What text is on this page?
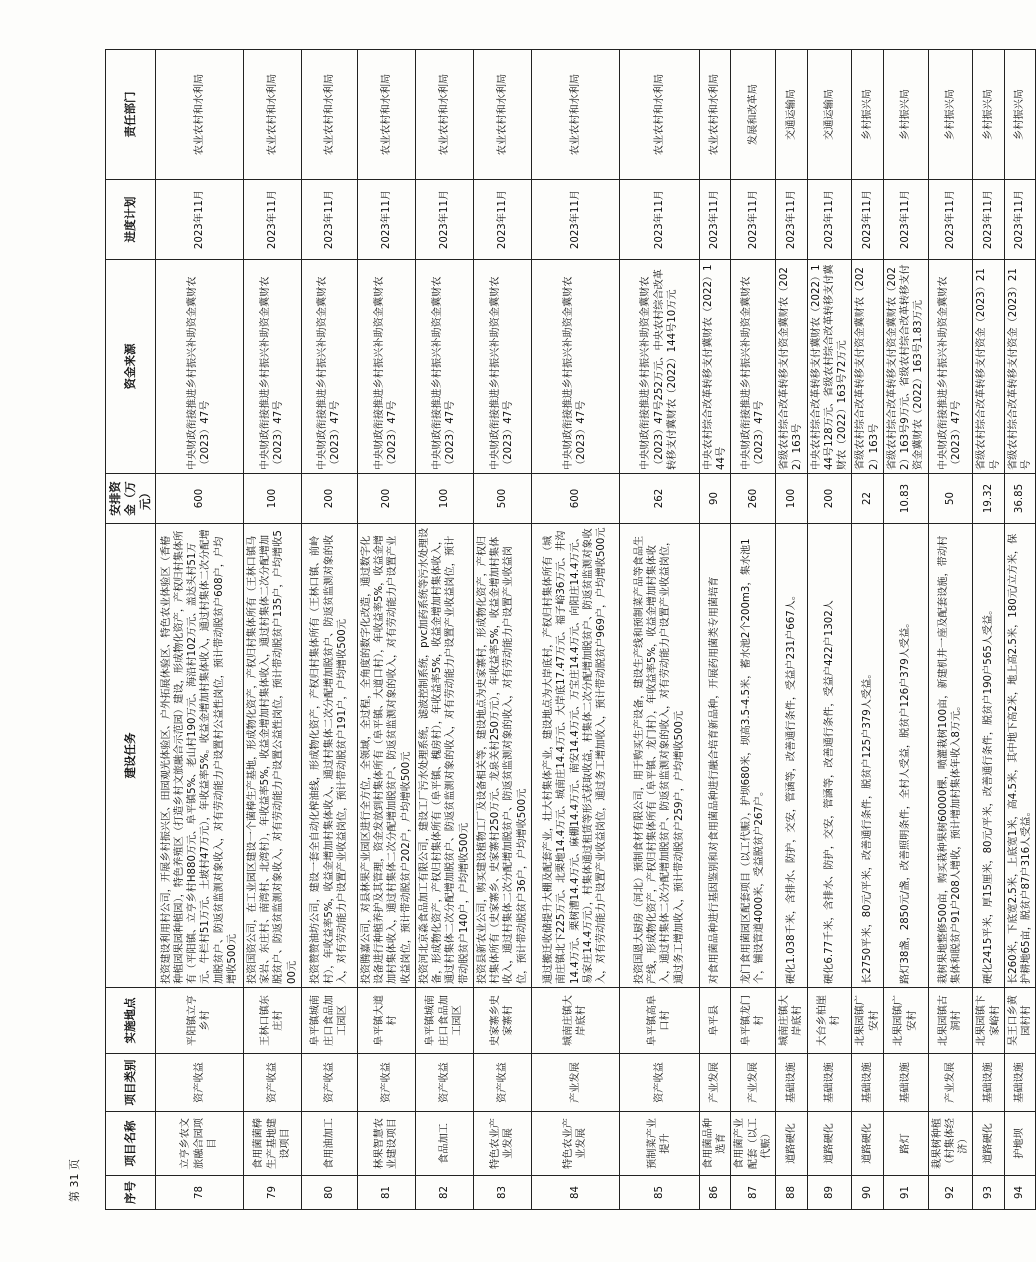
序号	项目名称	项目类别	实施地点	建设任务	安排资金（万元）	资金来源	进度计划	责任部门
78	立亨乡农文旅融合园项目	资产收益	平阳镇立亨乡村	投资建设利用村公司，开展乡村振兴区、田园观光体验区、户外拓展休验区、特色农业体验区（香椿种植园果园种植园），特色养殖区（打造乡村文旅融合示范园）建设，形成物化资产，产权归村集体所有（平阳镇、立亨乡村H880万元、阜平镇5%、老山村190万元、海沿村102万元、盖达头村51万元、牛栏村51万元、土坡村47万元），年收益率5%。收益金增加村集体收入，通过村集体二次分配增加脱贫户、防返贫监测对象收入，对有劳动能力户设置村公益性岗位，预计带动脱贫户608户，户均增收500元	600	中央财政衔接推进乡村振兴补助资金冀财农（2023）47号	2023年11月	农业农村和水利局
79	食用菌菌棒生产基地建设项目	资产收益	王林口镇东庄村	投资国资公司，在工业园区建设一个菌棒生产基地，形成物化资产，产权归村集体所有（王林口镇马家岩、东庄村、南湾村、北湾村），年收益率5%，收益金增加村集体收入，通过村集体二次分配增加脱贫户、防返贫监测对象收入，对有劳动能力户设置公益性岗位，预计带动脱贫户135户，户均增收500元	100	中央财政衔接推进乡村振兴补助资金冀财农（2023）47号	2023年11月	农业农村和水利局
80	食用油加工	资产收益	阜平镇城南庄口食品加工园区	投资赞赞油坊公司，建设一套全自动化榨油线，形成物化资产，产权归村集体所有（王林口镇、前岭村），年收益率5%，收益金增加村集体收入，通过村集体二次分配增加脱贫户、防返贫监测对象的收入，对有劳动能力户设置产业收益岗位，预计带动脱贫户191户，户均增收500元	200	中央财政衔接推进乡村振兴补助资金冀财农（2023）47号	2023年11月	农业农村和水利局
81	林果智慧农业建设项目	资产收益	阜平镇大道村	投资腾嘉公司，对县林果产业园区进行全方位，全领域，全过程，全角度的数字化改造，通过数字化设备进行种植养护及其管理，资金发放到村集体所有（阜平镇、大道口村），年收益率5%，收益金增加村集体收入，通过村集体二次分配增加脱贫户、防返贫监测对象的收入，对有劳动能力户设置产业收益岗位，预计带动脱贫户202户，户均增收500元	200	中央财政衔接推进乡村振兴补助资金冀财农（2023）47号	2023年11月	农业农村和水利局
82	食品加工	资产收益	阜平镇城南庄口食品加工园区	投资河北京淼食品加工有限公司，建设工厂污水处理系统，滤波控制系统，pvc加药系统等污水处理设备，形成物化资产，产权归村集体所有（阜平镇、槐房村），年收益率5%，收益金增加村集体收入，通过村集体二次分配增加脱贫户、防返贫监测对象的收入，对有劳动能力户设置产业收益岗位，预计带动脱贫户140户，户均增收500元	100	中央财政衔接推进乡村振兴补助资金冀财农（2023）47号	2023年11月	农业农村和水利局
83	特色农业产业发展	资产收益	史家寨乡史家寨村	投资县新农业公司，购买建设植物工厂及设备相关等，建设地点为史家寨村，形成物化资产，产权归村集体所有（史家寨乡、史家寨村250万元、龙泉关村250万元），年收益率5%，收益金增加村集体收入，通过村集体二次分配增加脱贫户、防返贫监测对象的收入，对有劳动能力户设置产业收益岗位，预计带动脱贫户36户，户均增收500元	500	中央财政衔接推进乡村振兴补助资金冀财农（2023）47号	2023年11月	农业农村和水利局
84	特色农业产业发展	产业发展	城南庄镇大岸底村	通过搬迁收储提升大棚及配套产业，壮大村集体产业，建设地点为大岸底村，产权归村集体所有（城南庄镇北下225万元、北栗地14.4万元、城南庄14.4万元、大岸底17.47万元、福子峪36万元、井沟14.4万元、栗树漕14.4万元、麻棚14.4万元、南安14.4万元、万宝庄14.4万元、向阳庄14.4万元、易家庄14.4万元），村集体通过租赁等形式获取收益，村集体二次分配增加脱贫户、防返贫监测对象收入，对有劳动能力户设置产业收益岗位，通过务工增加收入，预计带动脱贫户969户，户均增收500元	600	中央财政衔接推进乡村振兴补助资金冀财农（2023）47号	2023年11月	农业农村和水利局
85	预制菜产业提升	资产收益	阜平镇高阜口村	投资国恩大厨房（河北）预制食材有限公司，用于购买生产设备，建设生产线和预制菜产品等食品生产线，形成物化资产，产权归村集体所有（阜平镇、龙门村），年收益率5%，收益金增加村集体收入，通过村集体二次分配增加脱贫户、防返贫监测对象的收入，对有劳动能力户设置产业收益岗位，通过务工增加收入，预计带动脱贫户259户，户均增收500元	262	中央财政衔接推进乡村振兴补助资金冀财农（2023）47号252万元、中央农村综合改革转移支付冀财农（2022）144号10万元	2023年11月	农业农村和水利局
86	食用菌品种选育	产业发展	阜平县	对食用菌品种进行基因鉴别和对食用菌品种进行融合培育新品种，开展药用菌类专用菌培育	90	中央农村综合改革转移支付冀财农（2022）144号	2023年11月	农业农村和水利局
87	食用菌产业配套（以工代赈）	产业发展	阜平镇龙门村	龙门食用菌园区配套项目（以工代赈），护坝680米，坝高3.5-4.5米，蓄水池2个200m3，集水池1个，铺设管道4000米，受益脱贫户267户。	260	中央财政衔接推进乡村振兴补助资金冀财农（2023）47号	2023年11月	发展和改革局
88	道路硬化	基础设施	城南庄镇大岸底村	硬化1.038千米，含排水、防护，交安，管涵等，改善通行条件，受益户231户667人。	100	省级农村综合改革转移支付资金冀财农（2022）163号	2023年11月	交通运输局
89	道路硬化	基础设施	大台乡柏崖村	硬化6.77千米，含排水、防护，交安，管涵等，改善通行条件，受益户422户1302人	200	中央农村综合改革转移支付冀财农（2022）144号128万元、省级农村综合改革转移支付冀财农（2022）163号72万元	2023年11月	交通运输局
90	道路硬化	基础设施	北果园镇广安村	长2750平米，80元/平米，改善通行条件，脱贫户125户379人受益。	22	省级农村综合改革转移支付资金冀财农（2022）163号	2023年11月	乡村振兴局
91	路灯	基础设施	北果园镇广安村	路灯38盏，2850元/盏，改善照明条件，全村人受益，脱贫户126户379人受益。	10.83	省级农村综合改革转移支付资金冀财农（2022）163号9万元、省级农村综合改革转移支付资金冀财农（2022）163号1.83万元	2023年11月	乡村振兴局
92	栽果树种植（村集体经济）	产业发展	北果园镇古洞村	栽树果地整修500亩，购买栽种果树60000棵，喷灌栽树100亩，新建机井一座及配套设施，带动村集体和脱贫户91户208人增收，预计增加村集体年收入8万元。	50	中央财政衔接推进乡村振兴补助资金冀财农（2023）47号	2023年11月	乡村振兴局
93	道路硬化	基础设施	北果园镇卞家峪村	硬化2415平米，厚15厘米，80元/平米，改善通行条件，脱贫户190户565人受益。	19.32	省级农村综合改革转移支付资金（2023）21号	2023年11月	乡村振兴局
94	护地坝	基础设施	吴王口乡黄园村村	长260米，下底宽2.5米，上底宽1米，高4.5米，其中地下高2米，地上高2.5米，180元/立方米，保护耕地65亩，脱贫户87户316人受益。	36.85	省级农村综合改革转移支付资金（2023）21号	2023年11月	乡村振兴局
第 31 页
